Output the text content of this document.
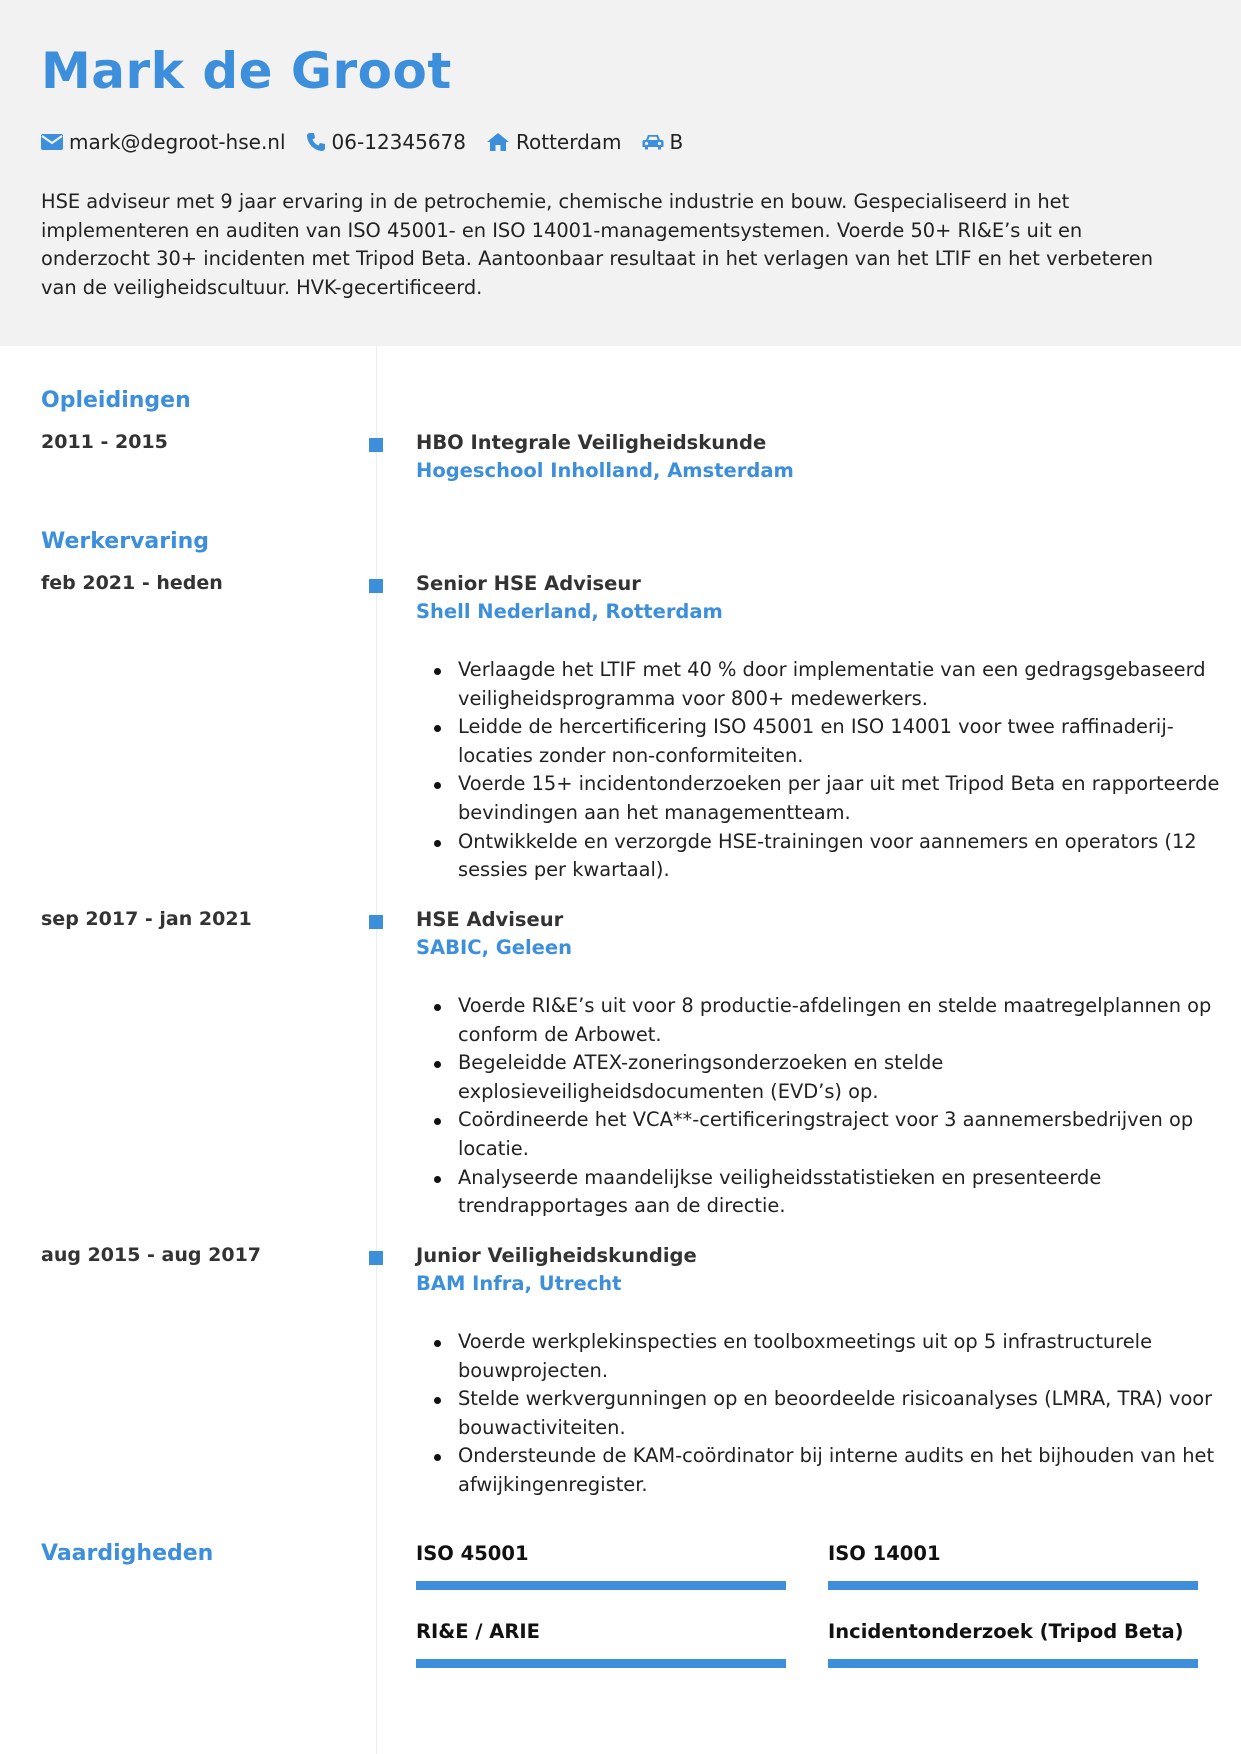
Mark de Groot
mark@degroot-hse.nl 06-12345678	Rotterdam B

HSE adviseur met 9 jaar ervaring in de petrochemie, chemische industrie en bouw. Gespecialiseerd in het implementeren en auditen van ISO 45001- en ISO 14001-managementsystemen. Voerde 50+ RI&E’s uit en onderzocht 30+ incidenten met Tripod Beta. Aantoonbaar resultaat in het verlagen van het LTIF en het verbeteren van de veiligheidscultuur. HVK-gecertificeerd.

Opleidingen
2011 - 2015	HBO Integrale Veiligheidskunde
Hogeschool Inholland, Amsterdam
Werkervaring
feb 2021 - heden	Senior HSE Adviseur
Shell Nederland, Rotterdam
Verlaagde het LTIF met 40 % door implementatie van een gedragsgebaseerd veiligheidsprogramma voor 800+ medewerkers.
Leidde de hercertificering ISO 45001 en ISO 14001 voor twee raffinaderij-locaties zonder non-conformiteiten.
Voerde 15+ incidentonderzoeken per jaar uit met Tripod Beta en rapporteerde bevindingen aan het managementteam.
Ontwikkelde en verzorgde HSE-trainingen voor aannemers en operators (12 sessies per kwartaal).
sep 2017 - jan 2021	HSE Adviseur
SABIC, Geleen
Voerde RI&E’s uit voor 8 productie-afdelingen en stelde maatregelplannen op conform de Arbowet.
Begeleidde ATEX-zoneringsonderzoeken en stelde explosieveiligheidsdocumenten (EVD’s) op.
Coördineerde het VCA**-certificeringstraject voor 3 aannemersbedrijven op locatie.
Analyseerde maandelijkse veiligheidsstatistieken en presenteerde trendrapportages aan de directie.
aug 2015 - aug 2017	Junior Veiligheidskundige
BAM Infra, Utrecht
Voerde werkplekinspecties en toolboxmeetings uit op 5 infrastructurele bouwprojecten.
Stelde werkvergunningen op en beoordeelde risicoanalyses (LMRA, TRA) voor bouwactiviteiten.
Ondersteunde de KAM-coördinator bij interne audits en het bijhouden van het afwijkingenregister.
Vaardigheden	ISO 45001	ISO 14001
RI&E / ARIE	Incidentonderzoek (Tripod Beta)
